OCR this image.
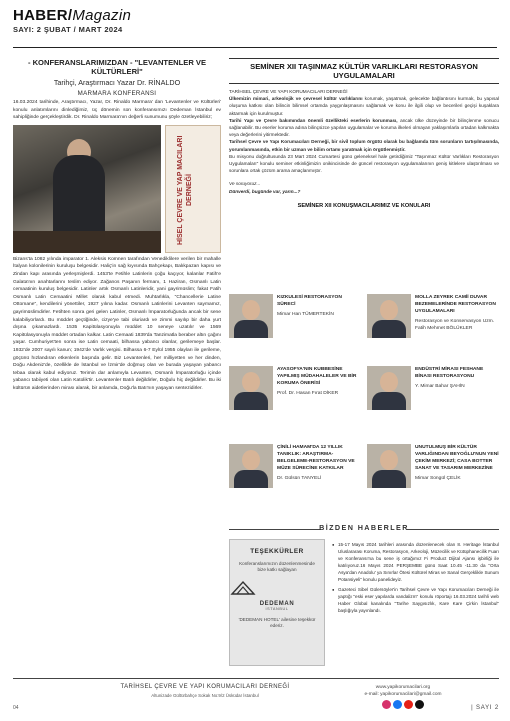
HABER/Magazin
SAYI: 2 ŞUBAT / MART 2024
- KONFERANSLARIMIZDAN - "LEVANTENLER VE KÜLTÜRLERİ"
Tarihçi, Araştırmacı Yazar Dr. RİNALDO
MARMARA KONFERANSI

16.03.2024 tarihinde, Araştırmacı, Yazar, Dr. Rinaldo Marmara' dan 'Levantenler ve Kültürleri' konulu anlatımlarını dinlediğimiz, üç dönemin son konferansımızı Dedeman İstanbul ev sahipliğinde gerçekleştirdik. Dr. Rinaldo Marmara'nın değerli sunumunu şöyle özetleyebiliriz;

HİSEL ÇEVRE VE YAP MACILARI DERNEĞİ

Bizans'ta 1082 yılında imparator 1. Aleksis Komnen tarafından Venediklilere verilen bir mahalle İtalyan kolonilerinin kuruluşu belgesidir. Haliç'in sağ kıyısında Bahçekapı, Balıkpazarı kapısı ve Zindan kapı arasında yerleşmişlerdi. 1453'te Fetihle Latinlerin çoğu kaçıyor, kalanlar Fatih'e Galata'nın anahtarlarını teslim ediyor. Zağanos Paşanın fermanı, 1 Haziran, Osmanlı Latin cemaatinin kuruluş belgesidir. Latinler artık Osmanlı Latinleridir, yani gayrimüslim; fakat Fatih Osmanlı Latin Cemaatini Millet olarak kabul etmedi. Muhtarlıkla, "Chancellerie Latine Ottomane", kendilerini yönettiler, 1927 yılına kadar. Osmanlı Latinlerini Levanten saymamız, gayrimüslimdirler. Fetihten sonra geri gelen Latinler, Osmanlı İmparatorluğunda ancak bir sene kalabiliyorlardı. Bu müddet geçtiğinde, cizye'ye tabi oluriardı ve zimmi sayılıp bir daha yurt dışına çıkamazlardı. 1535 Kapitülasyonuyla müddet 10 seneye uzatılır ve 1569 Kapitülasyonuyla müddet ortadan kalkar. Latin Cemaati 1839'da Tanzimatla beraber altın çağını yaşar. Cumhuriyet'ten sonra ise Latin cemaati, bilhassa yabancı olanlar, gerilemeye başlar. 1932'de 2007 sayılı kanun; 1942'de Varlık vergisi. Bilhassa 6-7 Eylül 1955 olayları ile gerileme, göçünü hızlandıran etkenlerin başında gelir. Biz Levantenleri, her milliyetten ve her dinden, Doğu Akdeniz'de, özellikle de İstanbul ve İzmir'de doğmuş olan ve burada yaşayan yabancı tebaa olarak kabul ediyoruz. Terimin dar anlamıyla Levanten, Osmanlı İmparatorluğu içinde yabancı tabiiyeti olan Latin Katolik'tir. Levantenler Batılı değildirler, Doğulu hiç değildirler. Bu iki kültürün aidetlerinden mirası alarak, bir anlamda, Doğu'la Batı'nın yaşayan sentezidirler.

SEMİNER XII TAŞINMAZ KÜLTÜR VARLIKLARI RESTORASYON UYGULAMALARI
TARİHSEL ÇEVRE VE YAPI KORUMACILARI DERNEĞİ
Ülkemizin mimari, arkeolojik ve çevresel kültür varlıklarını korumak, yaşatmak, gelecekte bağlantısını kurmak, bu yapısal oluşuma katkısı olan bilincin bilimsel ortamda yaygınlaşmasını sağlamak ve konu ile ilgili olup ve becerileri geçişi kuşaklara aktarmak için kurulmuştur.
Tarihi Yapı ve Çevre bakımından önemli özellikteki eserlerin korunması, ancak ülke düzeyinde bir bilinçlenme sonucu sağlanabilir. Bu eserler koruma adına bilinçsizce yapılan uygulamalar ve koruma ilkeleri olmayan yaklaşımlarla ortadan kalkmakta veya değerlerini yitirmektedir.
Tarihsel Çevre ve Yapı Korumacıları Derneği, bir sivil toplum örgütü olarak bu bağlamda tüm sorunların tartışılmasında, yorumlanmasında, etkin bir uzman ve bilim ortamı yaratmak için örgütlenmiştir.
Bu misyonu doğrultusunda 23 Mart 2024 Cumartesi günü geleneksel hale getirdiğimiz "Taşınmaz Kültür Varlıkları Restorasyon Uygulamaları" konulu seminer etkinliğimizin onikincisinde de güncel restorasyon uygulamalarının geniş kitlelere ulaştırılması ve sorunlara ortak çözüm arama amaçlanmıştır.
Ve soruyoruz...
Dünverdi, bugünde var, yarın...?
SEMİNER XII KONUŞMACILARIMIZ VE KONULARI
KIZKULESİ RESTORASYON SÜRECİ
Mimar Han TÜMERTEKİN
MOLLA ZEYREK CAMİİ DUVAR BEZEMELERİNDE RESTORASYON UYGULAMALARI
Restorasyon ve Konservasyon Uzm. Fatih Mehmet BÖLÜKLER
AYASOFYA'NIN KUBBESİNE YAPILMIŞ MÜDAHALELER VE BİR KORUMA ÖNERİSİ
Prof. Dr. Hasan Fırat DİKER
ENDÜSTRİ MİRASI FESHANE BİNASI RESTORASYONU
Y. Mimar Bahar ŞAHİN
ÇİNİLİ HAMAM'DA 12 YILLIK TANIKLIK: ARAŞTIRMA-BELGELEME-RESTORASYON VE MÜZE SÜRECİNE KATKILAR
Dr. Gülsün TANYELİ
UNUTULMUŞ BİR KÜLTÜR VARLIĞINDAN BEYOĞLU'NUN YENİ ÇEKİM MERKEZİ; CASA BOTTER SANAT VE TASARIM MERKEZİNE
Mimar Songül ÇELİK
BİZDEN HABERLER
TEŞEKKÜRLER
Konferanslarımızın düzenlenmesinde bize katkı sağlayan
DEDEMAN
İSTANBUL
'DEDEMAN HOTEL' ailesine teşekkür ederiz.
● 15-17 Mayıs 2024 tarihleri arasında düzenlenecek olan 8. Heritage İstanbul Uluslararası Koruma, Restorasyon, Arkeoloji, Müzecilik ve Kütüphanecilik Fuarı ve Konferansı'na bu sene iş ortağımız Fi Product Dijital Ajansı işbirliği ile katılıyoruz.16 Mayıs 2024 PERŞEMBE günü Saat 10.45 -11.30 da "Orta Asya'dan Anadolu' ya Sınırlar Ötesi Kültürel Miras ve Sanal Gerçeklikle Sunum Potansiyeli" konulu panelideyiz.
● Gazeteci Sibel Gülersöyler'in Tarihsel Çevre ve Yapı Korumacıları Derneği ile yaptığı "eski eser yapılarda vandalizm" konulu röportajı 16.03.2024 tarihli web Haber Global kanalında "Tarihe Saygısızlık, Kare Kare Çirkin İstanbul" başlığıyla yayınlandı.
TARİHSEL ÇEVRE VE YAPI KORUMACILARI DERNEĞİ
Altunizade Gültürbahçe Sokak No:9/2 Üsküdar İstanbul
www.yapikorumacilari.org
e-mail: yapikorumacilari@gmail.com
04	| SAYI 2
